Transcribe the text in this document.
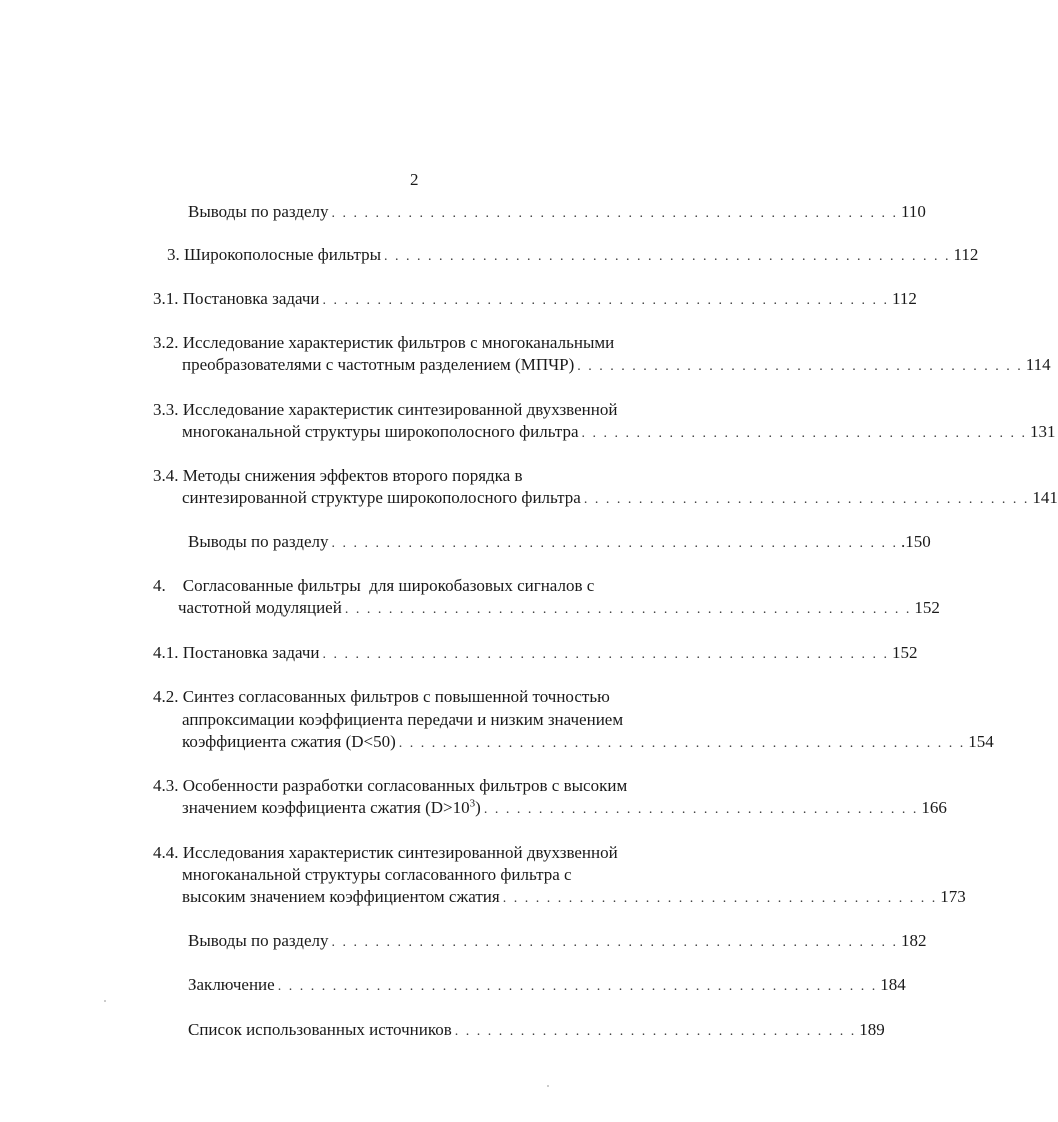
2
Выводы по разделу . . . . . . . . . . . . . . . . . . . . . . . . . . . . . . . . . . . . . . . . . . . . . . . . . . . . 110
3. Широкополосные фильтры . . . . . . . . . . . . . . . . . . . . . . . . . . . . . . . . . . . . . . . . . . . . . . . . . . . . 112
3.1. Постановка задачи . . . . . . . . . . . . . . . . . . . . . . . . . . . . . . . . . . . . . . . . . . . . . . . . . . . . 112
3.2. Исследование характеристик фильтров с многоканальными
преобразователями с частотным разделением (МПЧР) . . . . . . . . . . . . . . . . . . . . . . . . . . . . . . . . . . . . . . . . . 114
3.3. Исследование характеристик синтезированной двухзвенной
многоканальной структуры широкополосного фильтра . . . . . . . . . . . . . . . . . . . . . . . . . . . . . . . . . . . . . . . . . 131
3.4. Методы снижения эффектов второго порядка в
синтезированной структуре широкополосного фильтра . . . . . . . . . . . . . . . . . . . . . . . . . . . . . . . . . . . . . . . . . 141
Выводы по разделу . . . . . . . . . . . . . . . . . . . . . . . . . . . . . . . . . . . . . . . . . . . . . . . . . . . . .150
4.    Согласованные фильтры  для широкобазовых сигналов с
частотной модуляцией . . . . . . . . . . . . . . . . . . . . . . . . . . . . . . . . . . . . . . . . . . . . . . . . . . . . 152
4.1. Постановка задачи . . . . . . . . . . . . . . . . . . . . . . . . . . . . . . . . . . . . . . . . . . . . . . . . . . . . 152
4.2. Синтез согласованных фильтров с повышенной точностью
аппроксимации коэффициента передачи и низким значением
коэффициента сжатия (D<50) . . . . . . . . . . . . . . . . . . . . . . . . . . . . . . . . . . . . . . . . . . . . . . . . . . . . 154
4.3. Особенности разработки согласованных фильтров с высоким
значением коэффициента сжатия $(D>10^3)$ . . . . . . . . . . . . . . . . . . . . . . . . . . . . . . . . . . . . . . . . 166
4.4. Исследования характеристик синтезированной двухзвенной
многоканальной структуры согласованного фильтра с
высоким значением коэффициентом сжатия . . . . . . . . . . . . . . . . . . . . . . . . . . . . . . . . . . . . . . . . 173
Выводы по разделу . . . . . . . . . . . . . . . . . . . . . . . . . . . . . . . . . . . . . . . . . . . . . . . . . . . . 182
Заключение . . . . . . . . . . . . . . . . . . . . . . . . . . . . . . . . . . . . . . . . . . . . . . . . . . . . . . . 184
Список использованных источников . . . . . . . . . . . . . . . . . . . . . . . . . . . . . . . . . . . . . 189
